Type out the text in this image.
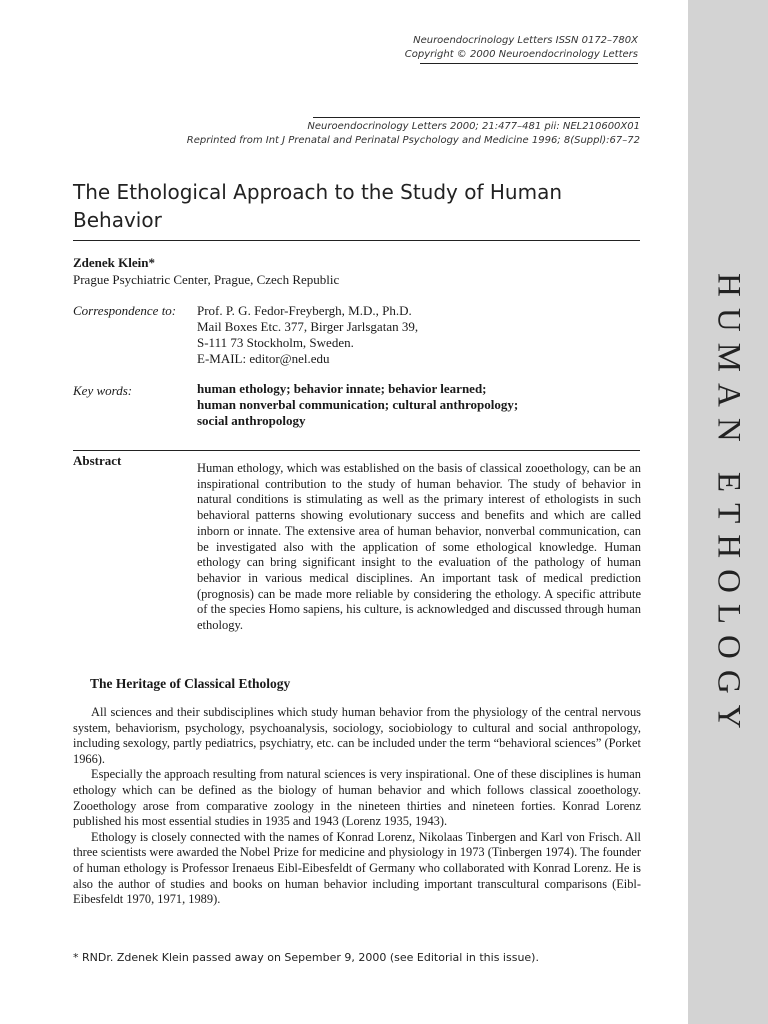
HUMAN ETHOLOGY
Neuroendocrinology Letters ISSN 0172–780X
Copyright © 2000 Neuroendocrinology Letters
Neuroendocrinology Letters 2000; 21:477–481 pii: NEL210600X01
Reprinted from Int J Prenatal and Perinatal Psychology and Medicine 1996; 8(Suppl):67–72
The Ethological Approach to the Study of Human Behavior
Zdenek Klein*
Prague Psychiatric Center, Prague, Czech Republic
Correspondence to: Prof. P. G. Fedor-Freybergh, M.D., Ph.D.
Mail Boxes Etc. 377, Birger Jarlsgatan 39,
S-111 73 Stockholm, Sweden.
E-MAIL: editor@nel.edu
Key words:	human ethology; behavior innate; behavior learned;
human nonverbal communication; cultural anthropology;
social anthropology
Abstract	Human ethology, which was established on the basis of classical zooethology, can be an inspirational contribution to the study of human behavior. The study of behavior in natural conditions is stimulating as well as the primary interest of ethologists in such behavioral patterns showing evolutionary success and benefits and which are called inborn or innate. The extensive area of human behavior, nonverbal communication, can be investigated also with the application of some ethological knowledge. Human ethology can bring significant insight to the evaluation of the pathology of human behavior in various medical disciplines. An important task of medical prediction (prognosis) can be made more reliable by considering the ethology. A specific attribute of the species Homo sapiens, his culture, is acknowledged and discussed through human ethology.

The Heritage of Classical Ethology

All sciences and their subdisciplines which study human behavior from the physiology of the central nervous system, behaviorism, psychology, psychoanalysis, sociology, sociobiology to cultural and social anthropology, including sexology, partly pediatrics, psychiatry, etc. can be included under the term “behavioral sciences” (Porket 1966).

Especially the approach resulting from natural sciences is very inspirational. One of these disciplines is human ethology which can be defined as the biology of human behavior and which follows classical zooethology. Zooethology arose from comparative zoology in the nineteen thirties and nineteen forties. Konrad Lorenz published his most essential studies in 1935 and 1943 (Lorenz 1935, 1943).

Ethology is closely connected with the names of Konrad Lorenz, Nikolaas Tinbergen and Karl von Frisch. All three scientists were awarded the Nobel Prize for medicine and physiology in 1973 (Tinbergen 1974). The founder of human ethology is Professor Irenaeus Eibl-Eibesfeldt of Germany who collaborated with Konrad Lorenz. He is also the author of studies and books on human behavior including important transcultural comparisons (Eibl-Eibesfeldt 1970, 1971, 1989).

* RNDr. Zdenek Klein passed away on Sepember 9, 2000 (see Editorial in this issue).
